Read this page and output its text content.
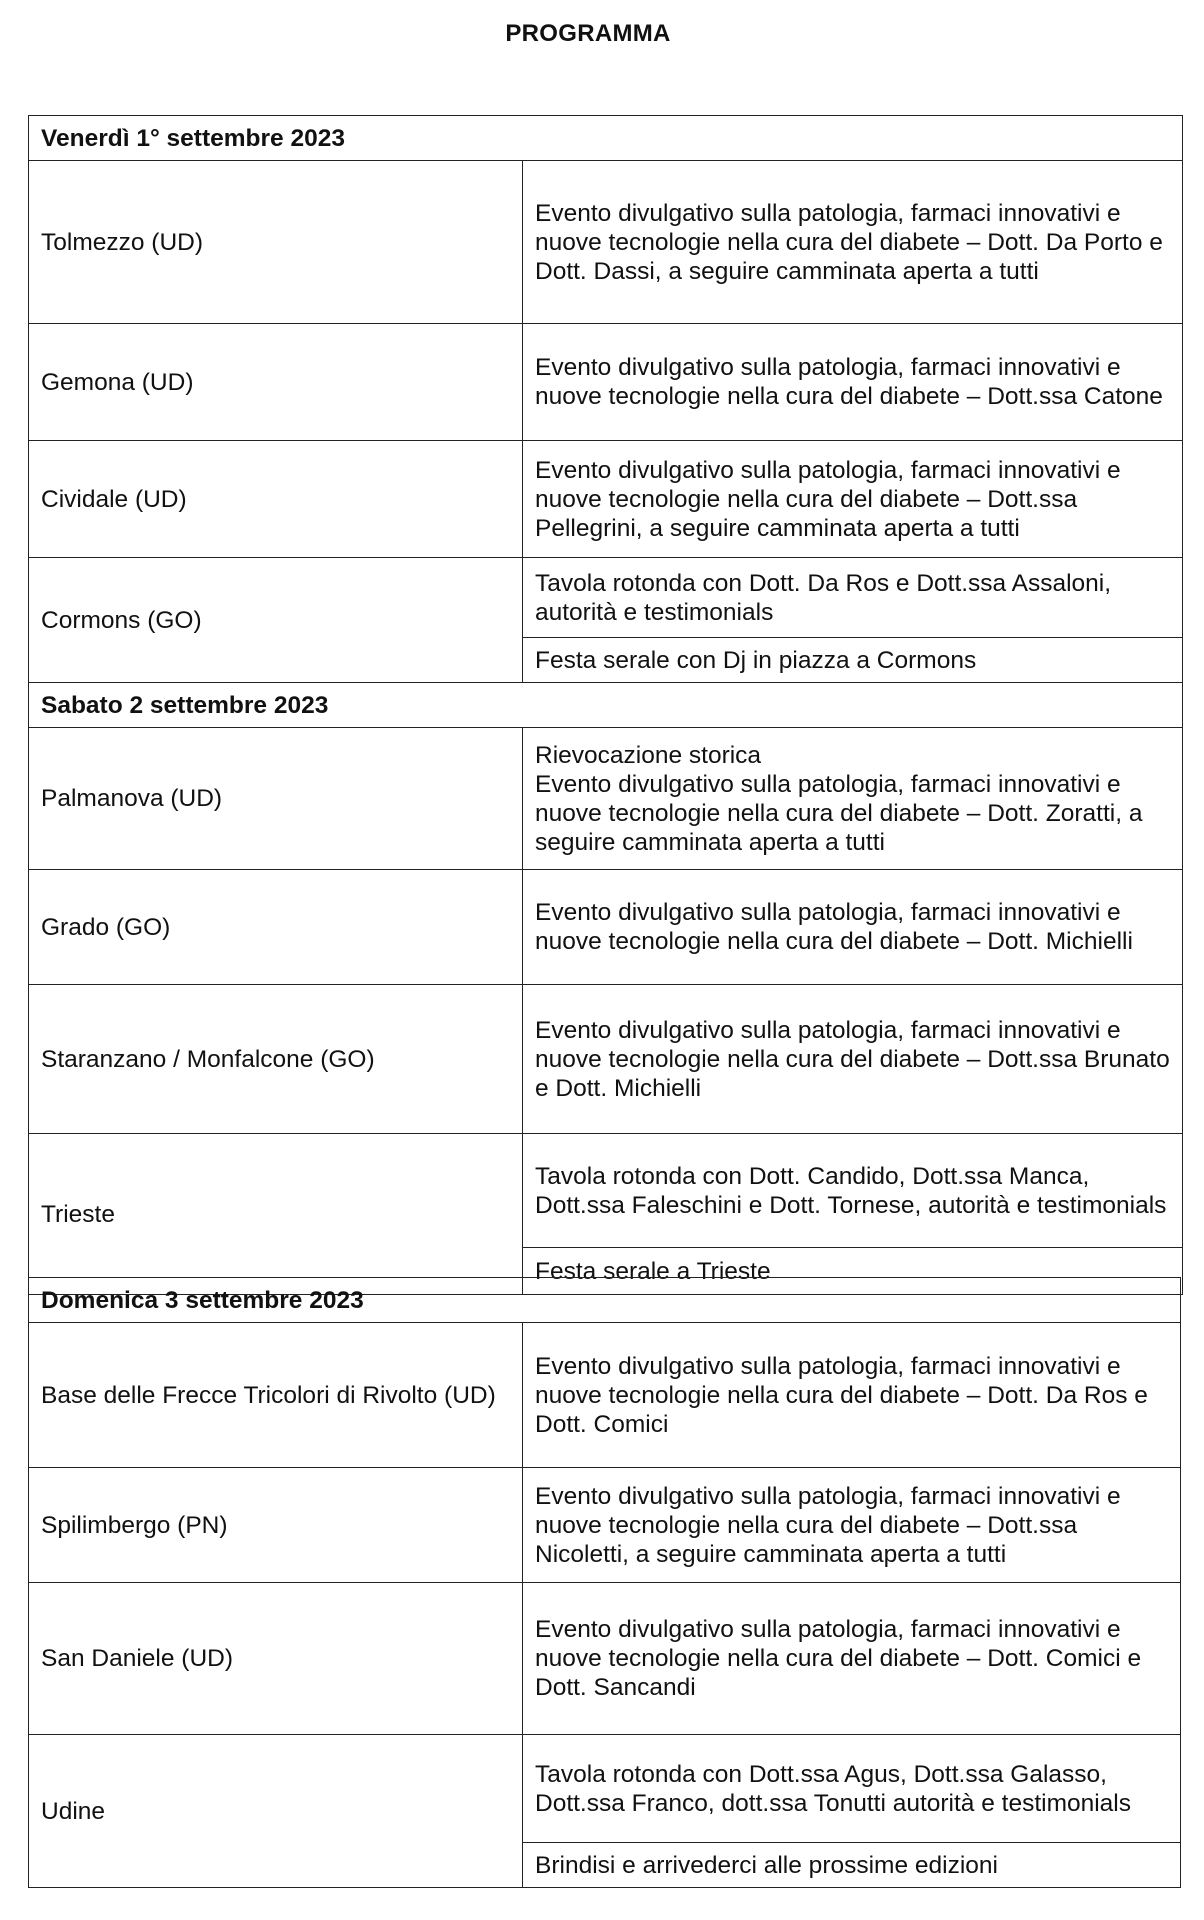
PROGRAMMA
Venerdì 1° settembre 2023	
Tolmezzo (UD)	Evento divulgativo sulla patologia, farmaci innovativi e nuove tecnologie nella cura del diabete – Dott. Da Porto e Dott. Dassi, a seguire camminata aperta a tutti
Gemona (UD)	Evento divulgativo sulla patologia, farmaci innovativi e nuove tecnologie nella cura del diabete – Dott.ssa Catone
Cividale (UD)	Evento divulgativo sulla patologia, farmaci innovativi e nuove tecnologie nella cura del diabete – Dott.ssa Pellegrini, a seguire camminata aperta a tutti
Cormons (GO)	Tavola rotonda con Dott. Da Ros e Dott.ssa Assaloni, autorità e testimonials
	Festa serale con Dj in piazza a Cormons
Sabato 2 settembre 2023	
Palmanova (UD)	Rievocazione storica
Evento divulgativo sulla patologia, farmaci innovativi e nuove tecnologie nella cura del diabete – Dott. Zoratti, a seguire camminata aperta a tutti

Grado (GO)	Evento divulgativo sulla patologia, farmaci innovativi e nuove tecnologie nella cura del diabete – Dott. Michielli
Staranzano / Monfalcone (GO)	Evento divulgativo sulla patologia, farmaci innovativi e nuove tecnologie nella cura del diabete – Dott.ssa Brunato e Dott. Michielli
Trieste	Tavola rotonda con Dott. Candido, Dott.ssa Manca, Dott.ssa Faleschini e Dott. Tornese, autorità e testimonials
	Festa serale a Trieste
Domenica 3 settembre 2023	
Base delle Frecce Tricolori di Rivolto (UD)	Evento divulgativo sulla patologia, farmaci innovativi e nuove tecnologie nella cura del diabete – Dott. Da Ros e Dott. Comici
Spilimbergo (PN)	Evento divulgativo sulla patologia, farmaci innovativi e nuove tecnologie nella cura del diabete – Dott.ssa Nicoletti, a seguire camminata aperta a tutti
San Daniele (UD)	Evento divulgativo sulla patologia, farmaci innovativi e nuove tecnologie nella cura del diabete – Dott. Comici e Dott. Sancandi
Udine	Tavola rotonda con Dott.ssa Agus, Dott.ssa Galasso, Dott.ssa Franco, dott.ssa Tonutti autorità e testimonials
	Brindisi e arrivederci alle prossime edizioni
